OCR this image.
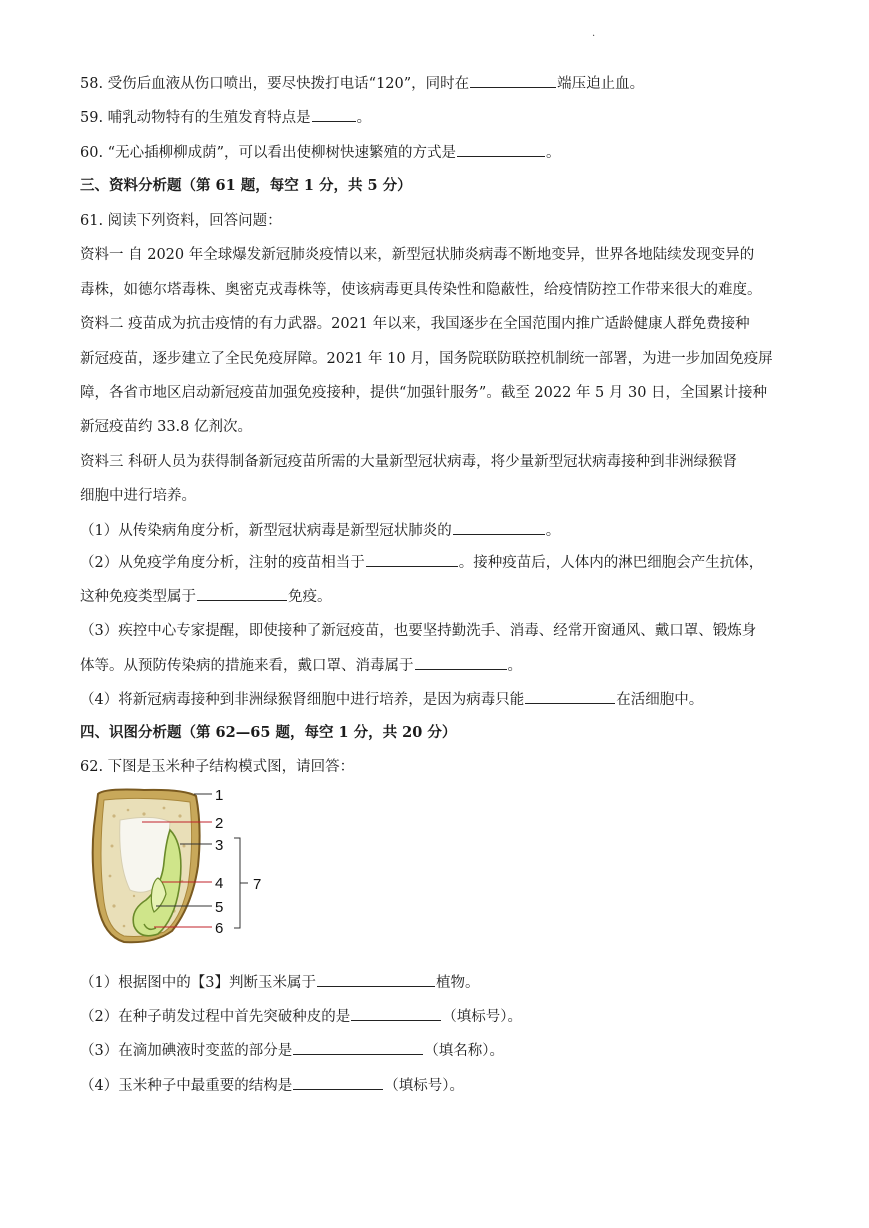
.
58. 受伤后血液从伤口喷出，要尽快拨打电话“120”，同时在	端压迫止血。
59. 哺乳动物特有的生殖发育特点是	。
60. “无心插柳柳成荫”，可以看出使柳树快速繁殖的方式是	。
三、资料分析题（第 61 题，每空 1 分，共 5 分）
61. 阅读下列资料，回答问题：
资料一 自 2020 年全球爆发新冠肺炎疫情以来，新型冠状肺炎病毒不断地变异，世界各地陆续发现变异的
毒株，如德尔塔毒株、奥密克戎毒株等，使该病毒更具传染性和隐蔽性，给疫情防控工作带来很大的难度。
资料二 疫苗成为抗击疫情的有力武器。2021 年以来，我国逐步在全国范围内推广适龄健康人群免费接种
新冠疫苗，逐步建立了全民免疫屏障。2021 年 10 月，国务院联防联控机制统一部署，为进一步加固免疫屏
障，各省市地区启动新冠疫苗加强免疫接种，提供“加强针服务”。截至 2022 年 5 月 30 日，全国累计接种
新冠疫苗约 33.8 亿剂次。
资料三 科研人员为获得制备新冠疫苗所需的大量新型冠状病毒，将少量新型冠状病毒接种到非洲绿猴肾
细胞中进行培养。
（1）从传染病角度分析，新型冠状病毒是新型冠状肺炎的	。
（2）从免疫学角度分析，注射的疫苗相当于	。接种疫苗后，人体内的淋巴细胞会产生抗体，
这种免疫类型属于	免疫。
（3）疾控中心专家提醒，即使接种了新冠疫苗，也要坚持勤洗手、消毒、经常开窗通风、戴口罩、锻炼身
体等。从预防传染病的措施来看，戴口罩、消毒属于	。
（4）将新冠病毒接种到非洲绿猴肾细胞中进行培养，是因为病毒只能	在活细胞中。
四、识图分析题（第 62—65 题，每空 1 分，共 20 分）
62. 下图是玉米种子结构模式图，请回答：
1
2
3
4
5
6
7
（1）根据图中的【3】判断玉米属于	植物。
（2）在种子萌发过程中首先突破种皮的是	（填标号）。
（3）在滴加碘液时变蓝的部分是	（填名称）。
（4）玉米种子中最重要的结构是	（填标号）。
